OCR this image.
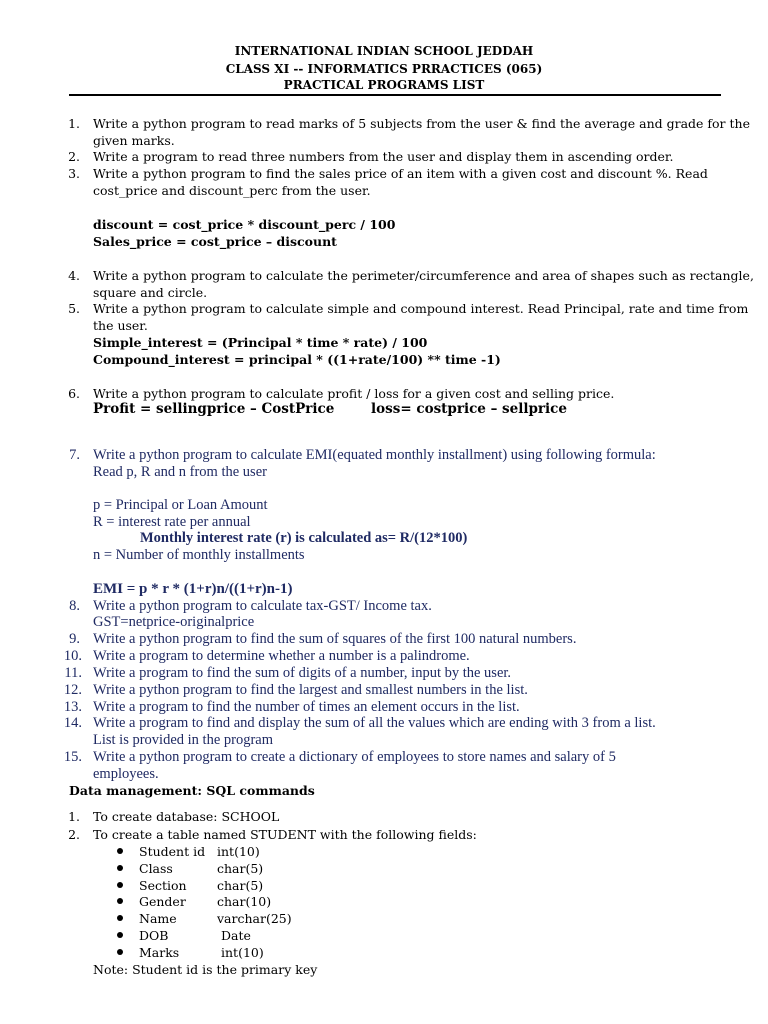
INTERNATIONAL INDIAN SCHOOL JEDDAH
CLASS XI -- INFORMATICS PRRACTICES (065)
PRACTICAL PROGRAMS LIST
1. Write a python program to read marks of 5 subjects from the user & find the average and grade for the
given marks.
2. Write a program to read three numbers from the user and display them in ascending order.
3. Write a python program to find the sales price of an item with a given cost and discount %. Read
cost_price and discount_perc from the user.
discount = cost_price * discount_perc / 100
Sales_price = cost_price – discount
4. Write a python program to calculate the perimeter/circumference and area of shapes such as rectangle,
square and circle.
5. Write a python program to calculate simple and compound interest. Read Principal, rate and time from
the user.
Simple_interest = (Principal * time * rate) / 100
Compound_interest = principal * ((1+rate/100) ** time -1)
6. Write a python program to calculate profit / loss for a given cost and selling price.
Profit = sellingprice – CostPrice	loss= costprice – sellprice
7. Write a python program to calculate EMI(equated monthly installment) using following formula:
Read p, R and n from the user
p = Principal or Loan Amount
R = interest rate per annual
Monthly interest rate (r) is calculated as= R/(12*100)
n = Number of monthly installments
EMI = p * r * (1+r)n/((1+r)n-1)
8. Write a python program to calculate tax-GST/ Income tax.
GST=netprice-originalprice
9. Write a python program to find the sum of squares of the first 100 natural numbers.
10. Write a program to determine whether a number is a palindrome.
11. Write a program to find the sum of digits of a number, input by the user.
12. Write a python program to find the largest and smallest numbers in the list.
13. Write a program to find the number of times an element occurs in the list.
14. Write a program to find and display the sum of all the values which are ending with 3 from a list.
List is provided in the program
15. Write a python program to create a dictionary of employees to store names and salary of 5
employees.
Data management: SQL commands
1. To create database: SCHOOL
2. To create a table named STUDENT with the following fields:
Student id int(10)
Class	char(5)
Section char(5)
Gender char(10)
Name	varchar(25)
DOB	Date
Marks	int(10)
Note: Student id is the primary key
